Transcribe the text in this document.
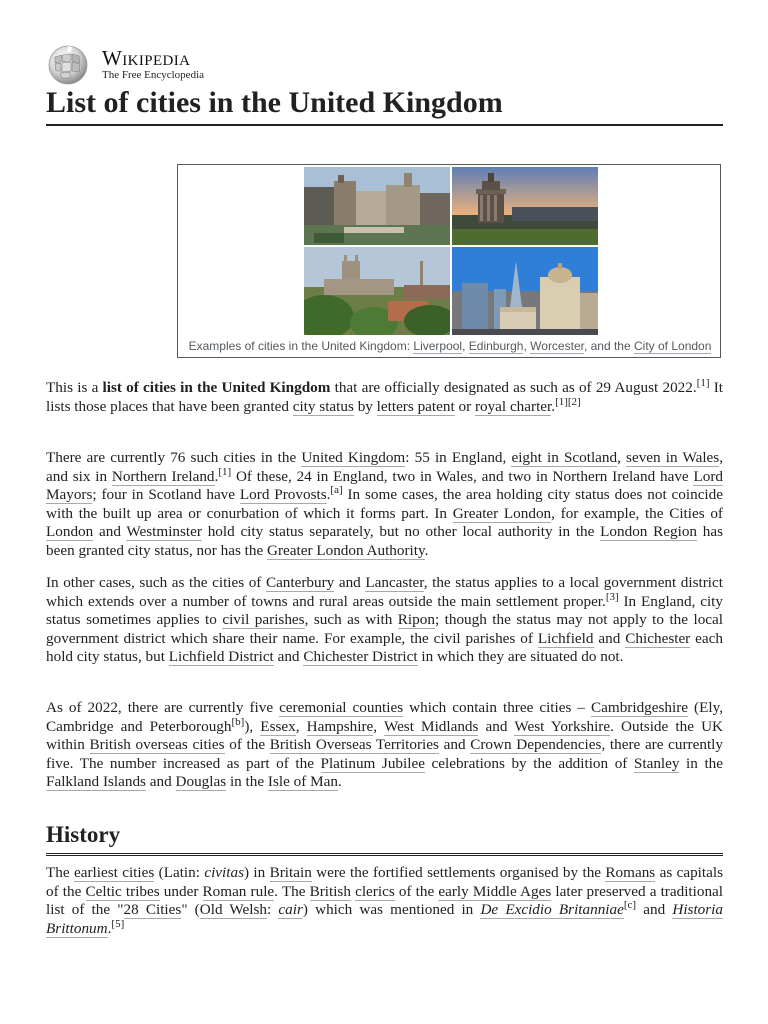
Wikipedia
The Free Encyclopedia
List of cities in the United Kingdom
Examples of cities in the United Kingdom: Liverpool, Edinburgh, Worcester, and the City of London

This is a list of cities in the United Kingdom that are officially designated as such as of 29 August 2022.[1] It lists those places that have been granted city status by letters patent or royal charter.[1][2]

There are currently 76 such cities in the United Kingdom: 55 in England, eight in Scotland, seven in Wales, and six in Northern Ireland.[1] Of these, 24 in England, two in Wales, and two in Northern Ireland have Lord Mayors; four in Scotland have Lord Provosts.[a] In some cases, the area holding city status does not coincide with the built up area or conurbation of which it forms part. In Greater London, for example, the Cities of London and Westminster hold city status separately, but no other local authority in the London Region has been granted city status, nor has the Greater London Authority.

In other cases, such as the cities of Canterbury and Lancaster, the status applies to a local government district which extends over a number of towns and rural areas outside the main settlement proper.[3] In England, city status sometimes applies to civil parishes, such as with Ripon; though the status may not apply to the local government district which share their name. For example, the civil parishes of Lichfield and Chichester each hold city status, but Lichfield District and Chichester District in which they are situated do not.

As of 2022, there are currently five ceremonial counties which contain three cities – Cambridgeshire (Ely, Cambridge and Peterborough[b]), Essex, Hampshire, West Midlands and West Yorkshire. Outside the UK within British overseas cities of the British Overseas Territories and Crown Dependencies, there are currently five. The number increased as part of the Platinum Jubilee celebrations by the addition of Stanley in the Falkland Islands and Douglas in the Isle of Man.

History

The earliest cities (Latin: civitas) in Britain were the fortified settlements organised by the Romans as capitals of the Celtic tribes under Roman rule. The British clerics of the early Middle Ages later preserved a traditional list of the "28 Cities" (Old Welsh: cair) which was mentioned in De Excidio Britanniae[c] and Historia Brittonum.[5]
